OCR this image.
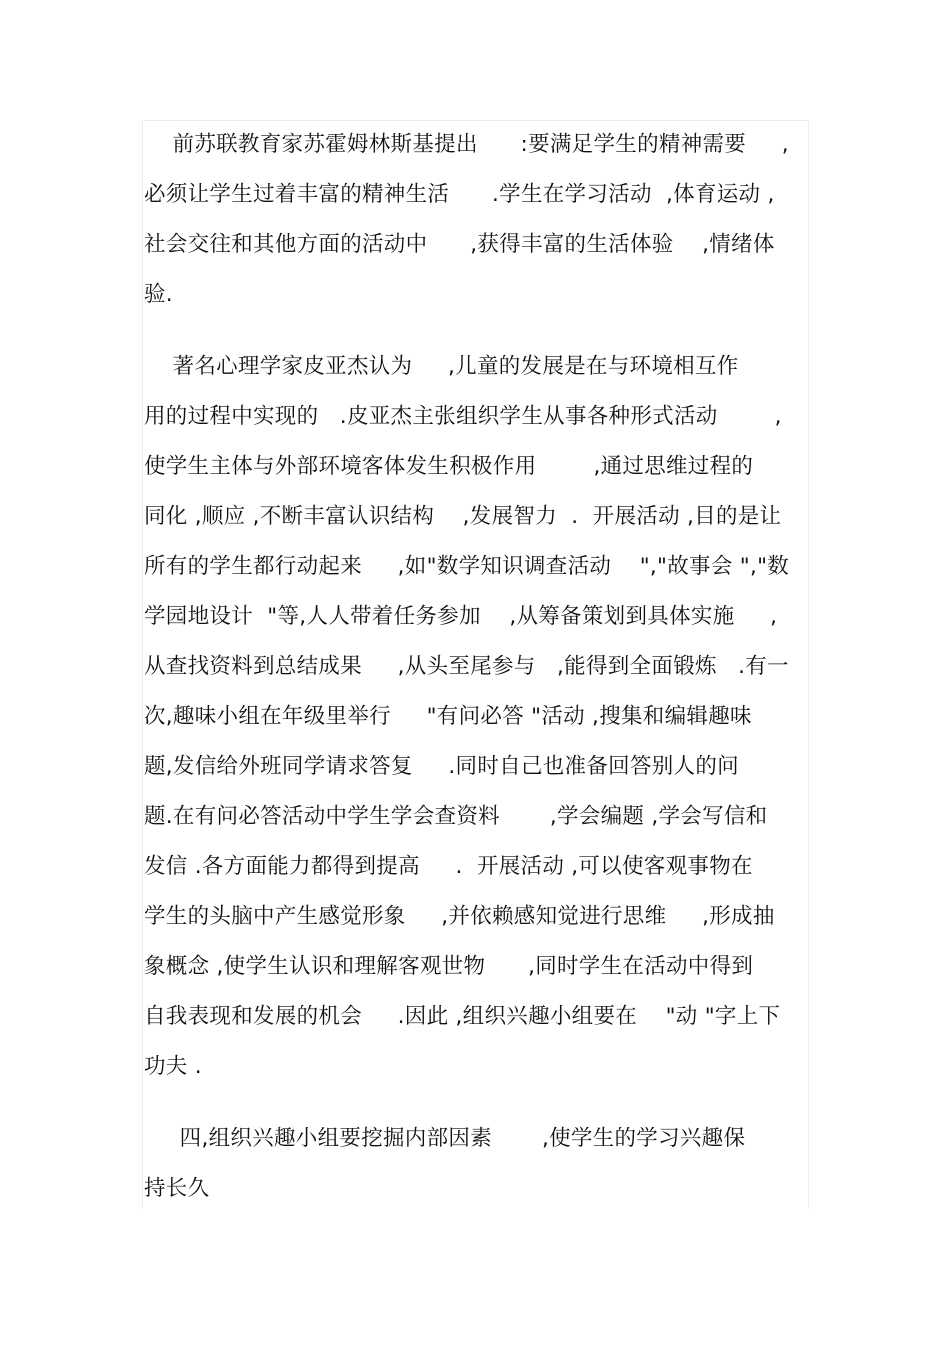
前苏联教育家苏霍姆林斯基提出      :要满足学生的精神需要     ,
必须让学生过着丰富的精神生活      .学生在学习活动  ,体育运动 ,
社会交往和其他方面的活动中      ,获得丰富的生活体验    ,情绪体
验.
著名心理学家皮亚杰认为     ,儿童的发展是在与环境相互作
用的过程中实现的   .皮亚杰主张组织学生从事各种形式活动        ,
使学生主体与外部环境客体发生积极作用        ,通过思维过程的
同化 ,顺应 ,不断丰富认识结构    ,发展智力  .  开展活动 ,目的是让
所有的学生都行动起来     ,如"数学知识调查活动    ","故事会 ","数
学园地设计  "等,人人带着任务参加    ,从筹备策划到具体实施     ,
从查找资料到总结成果     ,从头至尾参与   ,能得到全面锻炼   .有一
次,趣味小组在年级里举行     "有问必答 "活动 ,搜集和编辑趣味
题,发信给外班同学请求答复     .同时自己也准备回答别人的问
题.在有问必答活动中学生学会查资料       ,学会编题 ,学会写信和
发信 .各方面能力都得到提高     .  开展活动 ,可以使客观事物在
学生的头脑中产生感觉形象     ,并依赖感知觉进行思维     ,形成抽
象概念 ,使学生认识和理解客观世物      ,同时学生在活动中得到
自我表现和发展的机会     .因此 ,组织兴趣小组要在    "动 "字上下
功夫 .
四,组织兴趣小组要挖掘内部因素       ,使学生的学习兴趣保
持长久
